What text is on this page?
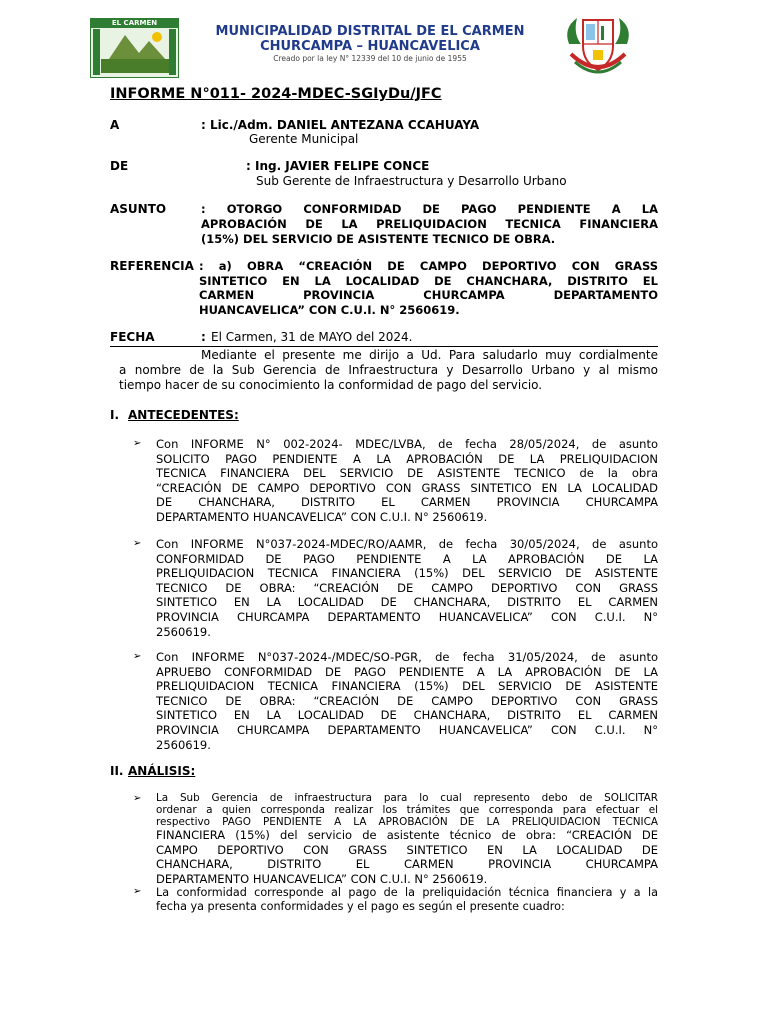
EL CARMEN
MUNICIPALIDAD DISTRITAL DE EL CARMEN
CHURCAMPA – HUANCAVELICA
Creado por la ley N° 12339 del 10 de junio de 1955
INFORME N°011- 2024-MDEC-SGIyDu/JFC
A	: Lic./Adm. DANIEL ANTEZANA CCAHUAYA
Gerente Municipal
DE	: Ing. JAVIER FELIPE CONCE
Sub Gerente de Infraestructura y Desarrollo Urbano
ASUNTO	: OTORGO CONFORMIDAD DE PAGO PENDIENTE A LA
APROBACIÓN DE LA PRELIQUIDACION TECNICA FINANCIERA
(15%) DEL SERVICIO DE ASISTENTE TECNICO DE OBRA.
REFERENCIA : a) OBRA “CREACIÓN DE CAMPO DEPORTIVO CON GRASS
SINTETICO EN LA LOCALIDAD DE CHANCHARA, DISTRITO EL
CARMEN PROVINCIA CHURCAMPA DEPARTAMENTO
HUANCAVELICA” CON C.U.I. N° 2560619.
FECHA	: El Carmen, 31 de MAYO del 2024.
Mediante el presente me dirijo a Ud. Para saludarlo muy cordialmente
a nombre de la Sub Gerencia de Infraestructura y Desarrollo Urbano y al mismo
tiempo hacer de su conocimiento la conformidad de pago del servicio.
I. ANTECEDENTES:
➢ Con INFORME N° 002-2024- MDEC/LVBA, de fecha 28/05/2024, de asunto
SOLICITO PAGO PENDIENTE A LA APROBACIÓN DE LA PRELIQUIDACION
TECNICA FINANCIERA DEL SERVICIO DE ASISTENTE TECNICO de la obra
“CREACIÓN DE CAMPO DEPORTIVO CON GRASS SINTETICO EN LA LOCALIDAD
DE CHANCHARA, DISTRITO EL CARMEN PROVINCIA CHURCAMPA
DEPARTAMENTO HUANCAVELICA” CON C.U.I. N° 2560619.
➢ Con INFORME N°037-2024-MDEC/RO/AAMR, de fecha 30/05/2024, de asunto
CONFORMIDAD DE PAGO PENDIENTE A LA APROBACIÓN DE LA
PRELIQUIDACION TECNICA FINANCIERA (15%) DEL SERVICIO DE ASISTENTE
TECNICO DE OBRA: “CREACIÓN DE CAMPO DEPORTIVO CON GRASS
SINTETICO EN LA LOCALIDAD DE CHANCHARA, DISTRITO EL CARMEN
PROVINCIA CHURCAMPA DEPARTAMENTO HUANCAVELICA” CON C.U.I. N°
2560619.
➢ Con INFORME N°037-2024-/MDEC/SO-PGR, de fecha 31/05/2024, de asunto
APRUEBO CONFORMIDAD DE PAGO PENDIENTE A LA APROBACIÓN DE LA
PRELIQUIDACION TECNICA FINANCIERA (15%) DEL SERVICIO DE ASISTENTE
TECNICO DE OBRA: “CREACIÓN DE CAMPO DEPORTIVO CON GRASS
SINTETICO EN LA LOCALIDAD DE CHANCHARA, DISTRITO EL CARMEN
PROVINCIA CHURCAMPA DEPARTAMENTO HUANCAVELICA” CON C.U.I. N°
2560619.
II. ANÁLISIS:
➢ La Sub Gerencia de infraestructura para lo cual represento debo de SOLICITAR
ordenar a quien corresponda realizar los trámites que corresponda para efectuar el
respectivo PAGO PENDIENTE A LA APROBACIÓN DE LA PRELIQUIDACION TECNICA
FINANCIERA (15%) del servicio de asistente técnico de obra: “CREACIÓN DE
CAMPO DEPORTIVO CON GRASS SINTETICO EN LA LOCALIDAD DE
CHANCHARA, DISTRITO EL CARMEN PROVINCIA CHURCAMPA
DEPARTAMENTO HUANCAVELICA” CON C.U.I. N° 2560619.
➢ La conformidad corresponde al pago de la preliquidación técnica financiera y a la
fecha ya presenta conformidades y el pago es según el presente cuadro:
